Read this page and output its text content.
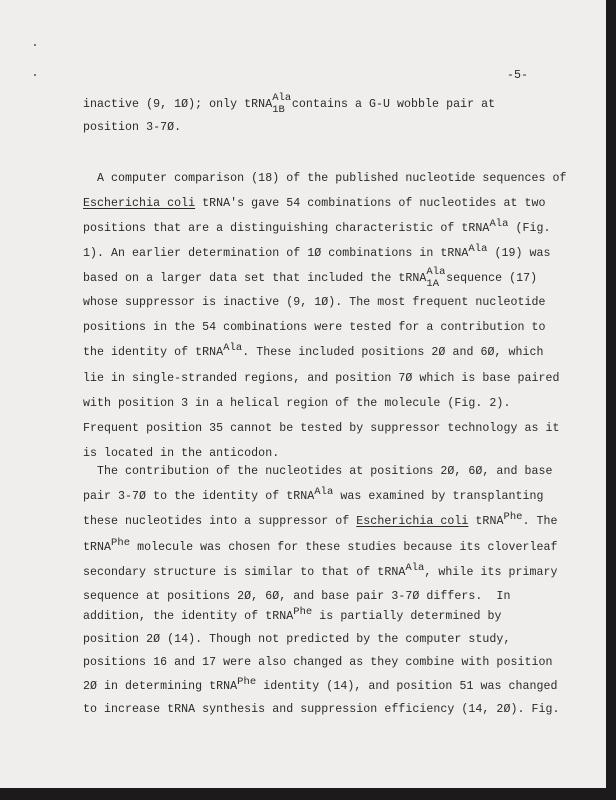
-5-
inactive (9, 1Ø); only tRNA Ala
1B contains a G-U wobble pair at
position 3-7Ø.
A computer comparison (18) of the published nucleotide sequences of
Escherichia coli tRNA's gave 54 combinations of nucleotides at two
positions that are a distinguishing characteristic of tRNAAla (Fig.
1). An earlier determination of 1Ø combinations in tRNAAla (19) was
based on a larger data set that included the tRNA Ala
1A sequence (17)
whose suppressor is inactive (9, 1Ø). The most frequent nucleotide
positions in the 54 combinations were tested for a contribution to
the identity of tRNAAla. These included positions 2Ø and 6Ø, which
lie in single-stranded regions, and position 7Ø which is base paired
with position 3 in a helical region of the molecule (Fig. 2).
Frequent position 35 cannot be tested by suppressor technology as it
is located in the anticodon.
The contribution of the nucleotides at positions 2Ø, 6Ø, and base
pair 3-7Ø to the identity of tRNAAla was examined by transplanting
these nucleotides into a suppressor of Escherichia coli tRNAPhe. The
tRNAPhe molecule was chosen for these studies because its cloverleaf
secondary structure is similar to that of tRNAAla, while its primary
sequence at positions 2Ø, 6Ø, and base pair 3-7Ø differs.  In
addition, the identity of tRNAPhe is partially determined by
position 2Ø (14). Though not predicted by the computer study,
positions 16 and 17 were also changed as they combine with position
2Ø in determining tRNAPhe identity (14), and position 51 was changed
to increase tRNA synthesis and suppression efficiency (14, 2Ø). Fig.
